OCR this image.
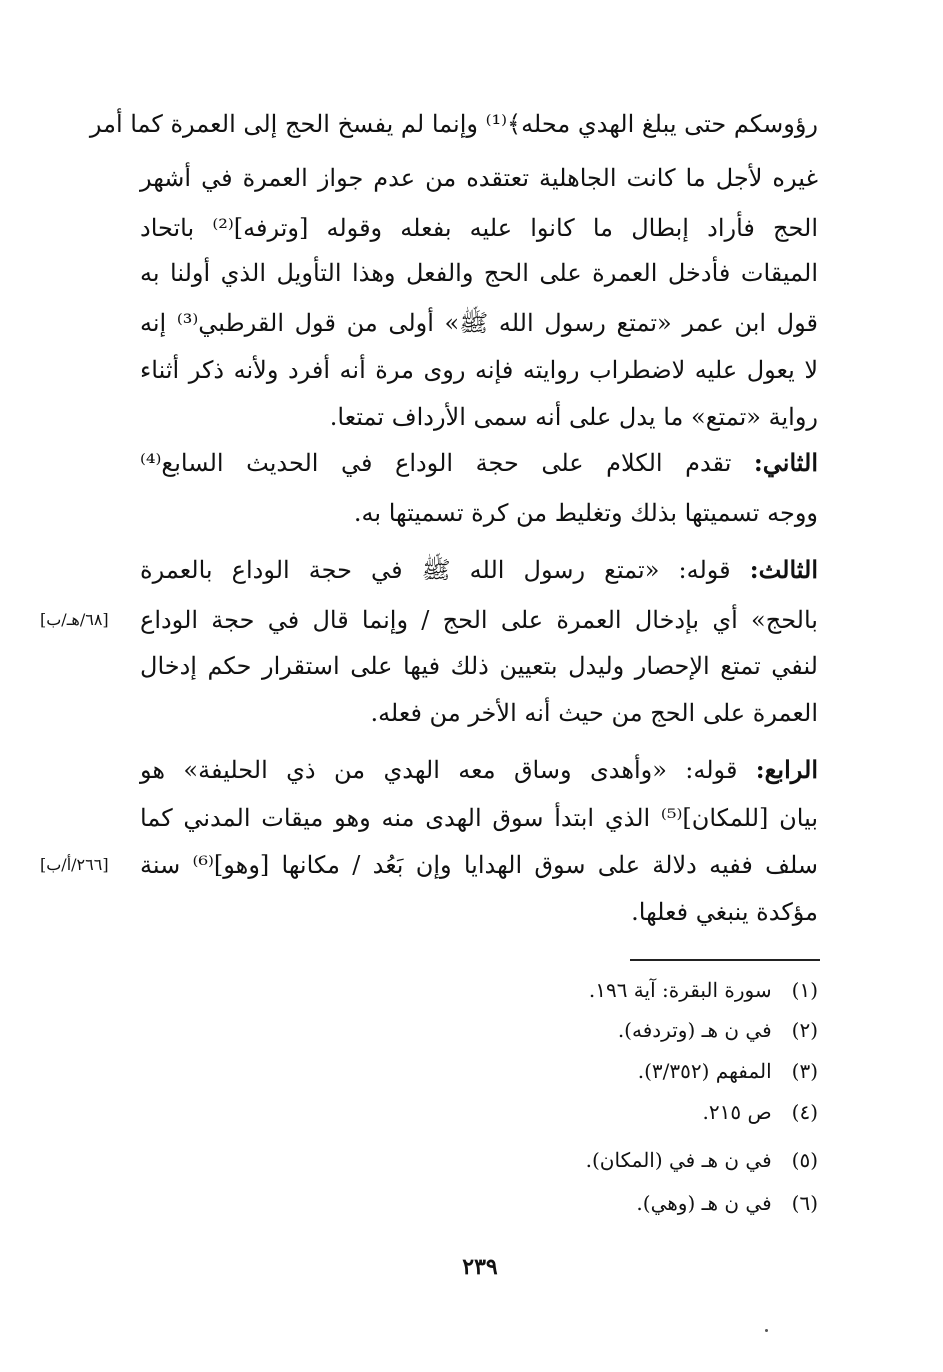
رؤوسكم حتى يبلغ الهدي محله﴾⁽¹⁾ وإنما لم يفسخ الحج إلى العمرة كما أمر
غيره لأجل ما كانت الجاهلية تعتقده من عدم جواز العمرة في أشهر
الحج فأراد إبطال ما كانوا عليه بفعله وقوله [وترفه]⁽²⁾ باتحاد
الميقات فأدخل العمرة على الحج والفعل وهذا التأويل الذي أولنا به
قول ابن عمر «تمتع رسول الله ﷺ» أولى من قول القرطبي⁽³⁾ إنه
لا يعول عليه لاضطراب روايته فإنه روى مرة أنه أفرد ولأنه ذكر أثناء
رواية «تمتع» ما يدل على أنه سمى الأرداف تمتعا.
الثاني: تقدم الكلام على حجة الوداع في الحديث السابع⁽⁴⁾
ووجه تسميتها بذلك وتغليط من كرة تسميتها به.
الثالث: قوله: «تمتع رسول الله ﷺ في حجة الوداع بالعمرة
بالحج» أي بإدخال العمرة على الحج / وإنما قال في حجة الوداع
[٦٨/هـ/ب]
لنفي تمتع الإحصار وليدل بتعيين ذلك فيها على استقرار حكم إدخال
العمرة على الحج من حيث أنه الأخر من فعله.
الرابع: قوله: «وأهدى وساق معه الهدي من ذي الحليفة» هو
بيان [للمكان]⁽⁵⁾ الذي ابتدأ سوق الهدى منه وهو ميقات المدني كما
سلف ففيه دلالة على سوق الهدايا وإن بَعُد / مكانها [وهو]⁽⁶⁾ سنة
[٢٦٦/أ/ب]
مؤكدة ينبغي فعلها.
(١) سورة البقرة: آية ١٩٦.
(٢) في ن هـ (وتردفه).
(٣) المفهم (٣/٣٥٢).
(٤) ص ٢١٥.
(٥) في ن هـ في (المكان).
(٦) في ن هـ (وهي).
٢٣٩
